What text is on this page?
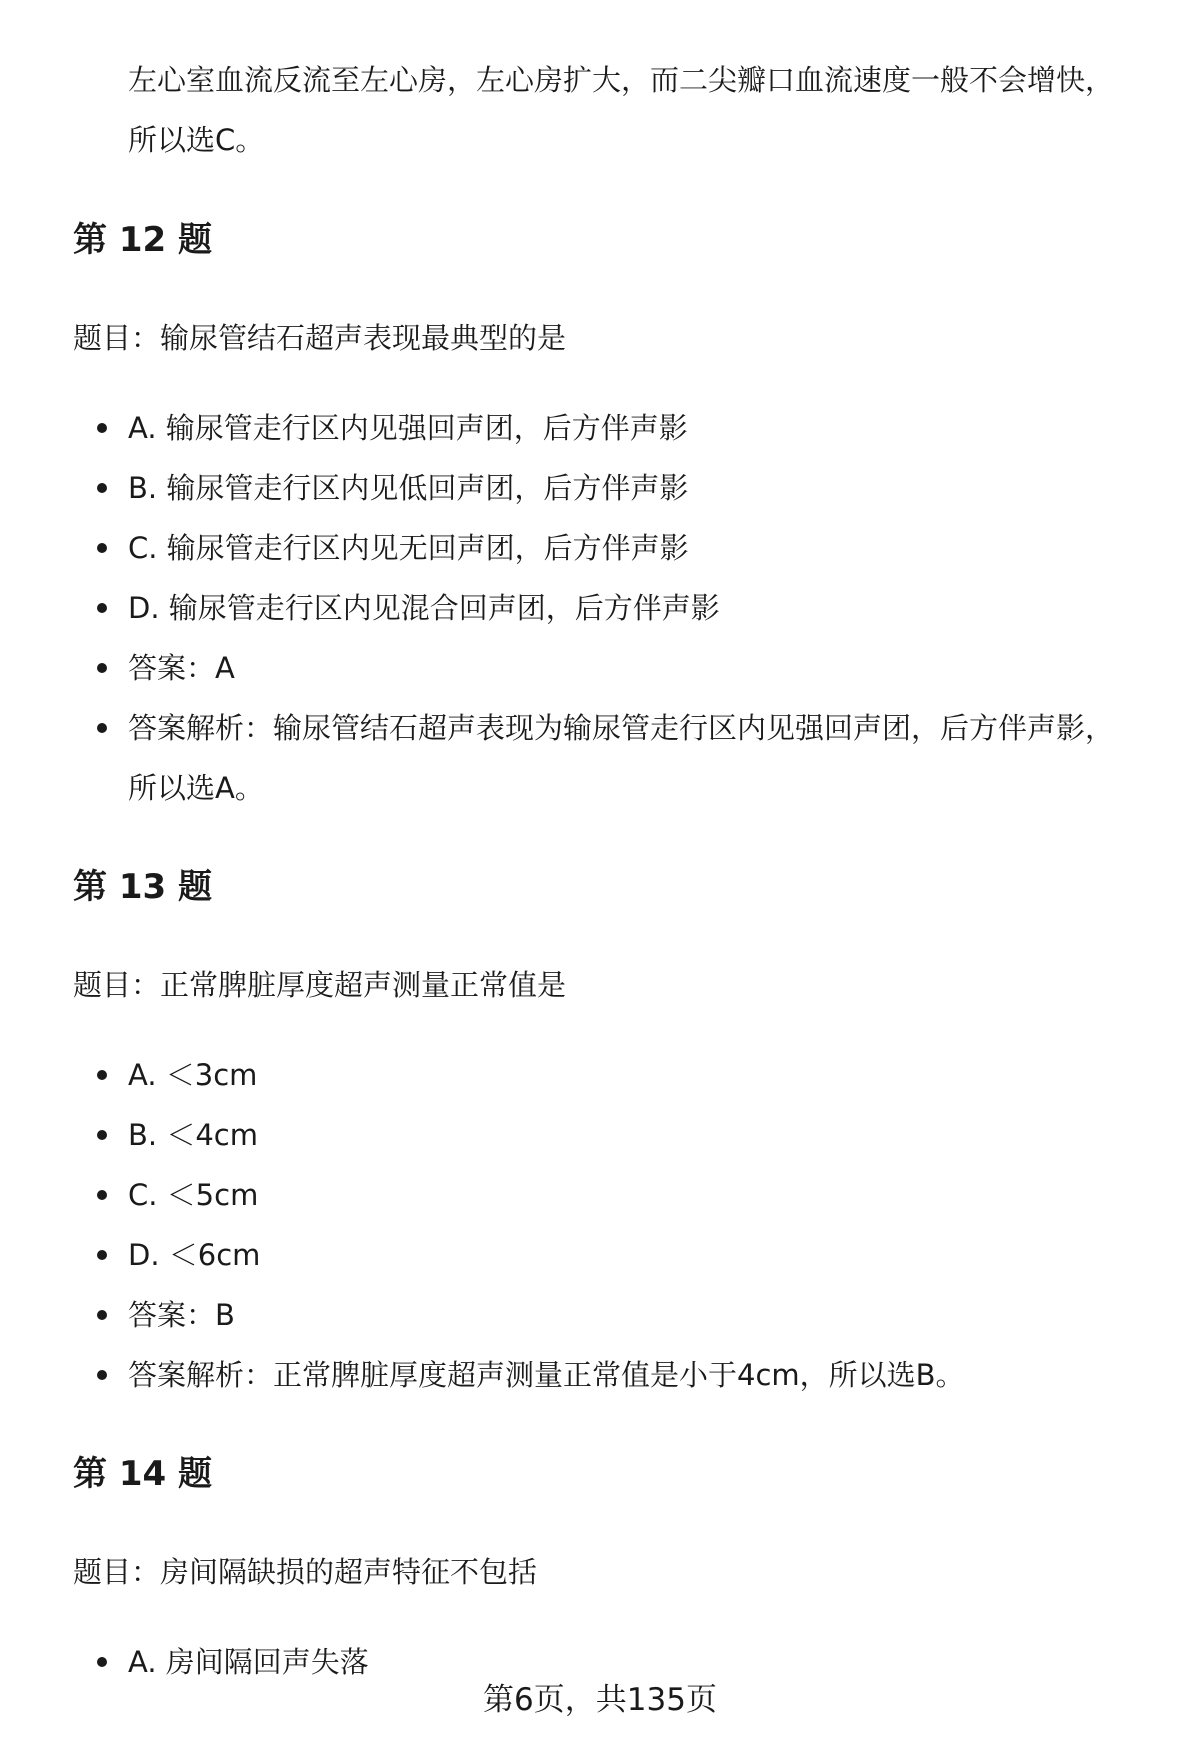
左心室血流反流至左心房，左心房扩大，而二尖瓣口血流速度一般不会增快，
所以选C。
第 12 题
题目：输尿管结石超声表现最典型的是
A. 输尿管走行区内见强回声团，后方伴声影
B. 输尿管走行区内见低回声团，后方伴声影
C. 输尿管走行区内见无回声团，后方伴声影
D. 输尿管走行区内见混合回声团，后方伴声影
答案：A
答案解析：输尿管结石超声表现为输尿管走行区内见强回声团，后方伴声影，
所以选A。
第 13 题
题目：正常脾脏厚度超声测量正常值是
A. ＜3cm
B. ＜4cm
C. ＜5cm
D. ＜6cm
答案：B
答案解析：正常脾脏厚度超声测量正常值是小于4cm，所以选B。
第 14 题
题目：房间隔缺损的超声特征不包括
A. 房间隔回声失落
第6页，共135页
